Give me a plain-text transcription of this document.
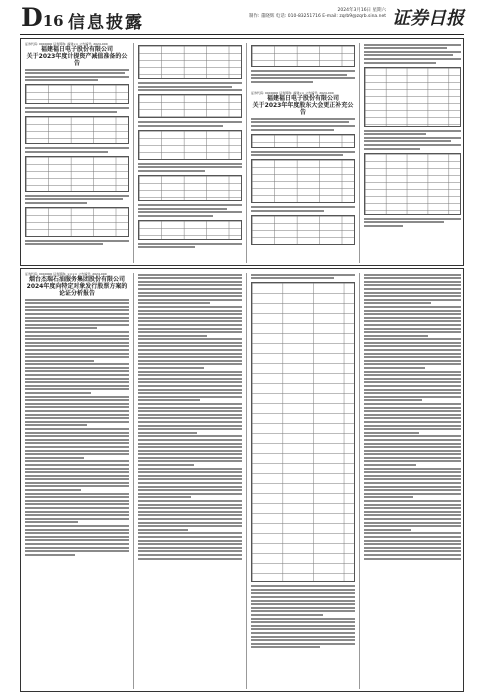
D16 信息披露
2024年3月16日 星期六
制作: 董晓辉 电话: 010-83251716 E-mail: zqrb9@zqrb.sina.net 证券日报
证券代码: 0000000 证券简称: 福建×× 公告编号: 2024-000
福建福日电子股份有限公司
关于2023年度计提资产减值准备的公告

证券代码: 0000000 证券简称: 福建×× 公告编号: 2024-000
福建福日电子股份有限公司
关于2023年年度股东大会更正补充公告
证券代码: 0000000 证券简称: ×××× 公告编号: 2024-000
烟台杰瑞石油服务集团股份有限公司
2024年度向特定对象发行股票方案的论证分析报告
